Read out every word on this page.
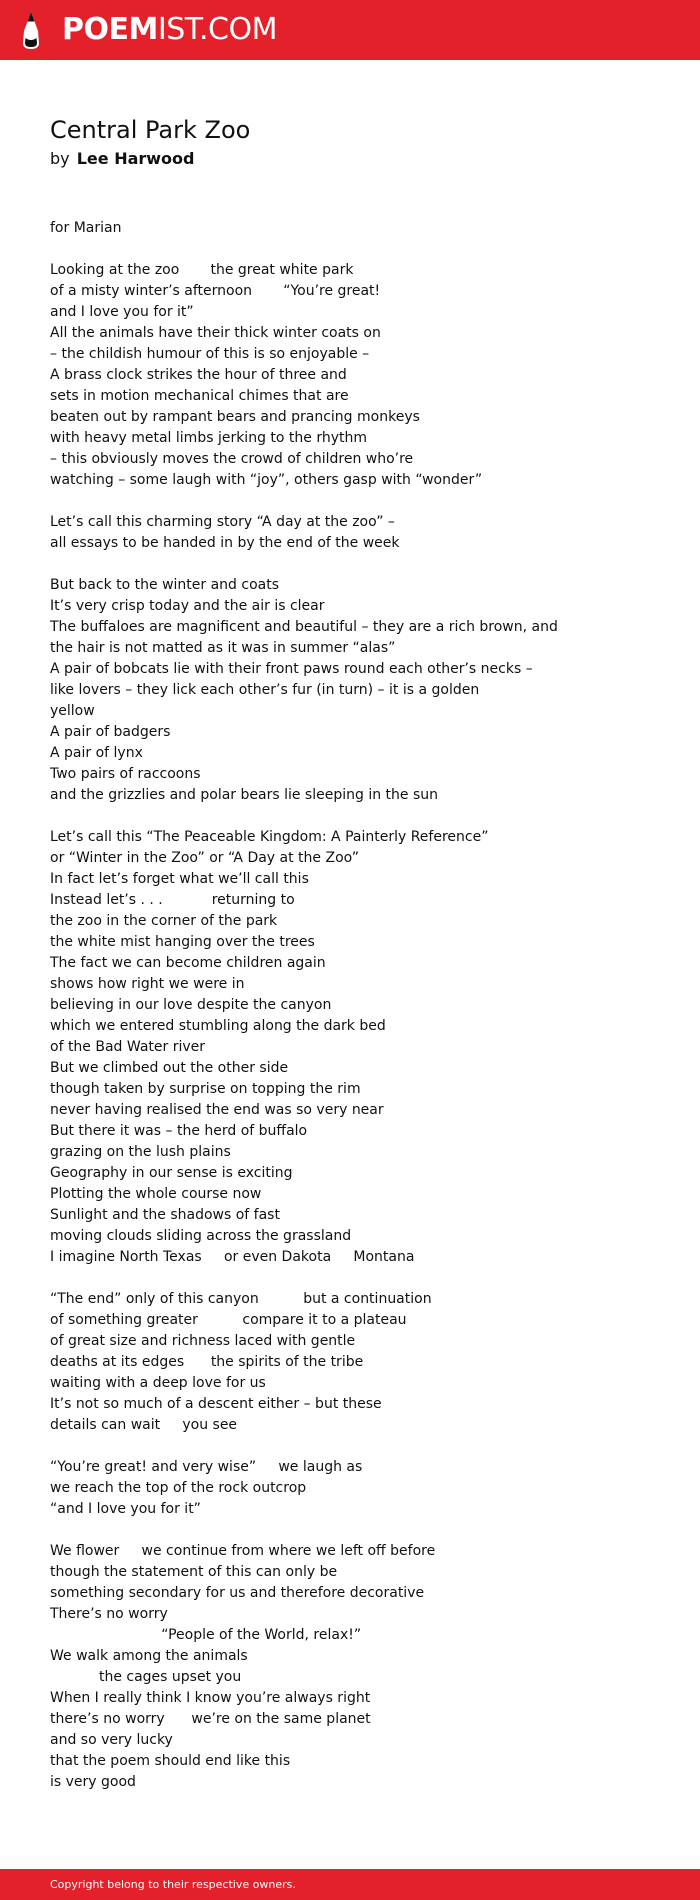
POEMIST.COM
Central Park Zoo
by Lee Harwood
for Marian
Looking at the zoo       the great white park
of a misty winter’s afternoon       “You’re great!
and I love you for it”
All the animals have their thick winter coats on
– the childish humour of this is so enjoyable –
A brass clock strikes the hour of three and
sets in motion mechanical chimes that are
beaten out by rampant bears and prancing monkeys
with heavy metal limbs jerking to the rhythm
– this obviously moves the crowd of children who’re
watching – some laugh with “joy”, others gasp with “wonder”
Let’s call this charming story “A day at the zoo” –
all essays to be handed in by the end of the week
But back to the winter and coats
It’s very crisp today and the air is clear
The buffaloes are magnificent and beautiful – they are a rich brown, and
the hair is not matted as it was in summer “alas”
A pair of bobcats lie with their front paws round each other’s necks –
like lovers – they lick each other’s fur (in turn) – it is a golden
yellow
A pair of badgers
A pair of lynx
Two pairs of raccoons
and the grizzlies and polar bears lie sleeping in the sun
Let’s call this “The Peaceable Kingdom: A Painterly Reference”
or “Winter in the Zoo” or “A Day at the Zoo”
In fact let’s forget what we’ll call this
Instead let’s . . .           returning to
the zoo in the corner of the park
the white mist hanging over the trees
The fact we can become children again
shows how right we were in
believing in our love despite the canyon
which we entered stumbling along the dark bed
of the Bad Water river
But we climbed out the other side
though taken by surprise on topping the rim
never having realised the end was so very near
But there it was – the herd of buffalo
grazing on the lush plains
Geography in our sense is exciting
Plotting the whole course now
Sunlight and the shadows of fast
moving clouds sliding across the grassland
I imagine North Texas     or even Dakota     Montana
“The end” only of this canyon          but a continuation
of something greater          compare it to a plateau
of great size and richness laced with gentle
deaths at its edges      the spirits of the tribe
waiting with a deep love for us
It’s not so much of a descent either – but these
details can wait     you see
“You’re great! and very wise”     we laugh as
we reach the top of the rock outcrop
“and I love you for it”
We flower     we continue from where we left off before
though the statement of this can only be
something secondary for us and therefore decorative
There’s no worry
“People of the World, relax!”
We walk among the animals
the cages upset you
When I really think I know you’re always right
there’s no worry      we’re on the same planet
and so very lucky
that the poem should end like this
is very good
Copyright belong to their respective owners.
